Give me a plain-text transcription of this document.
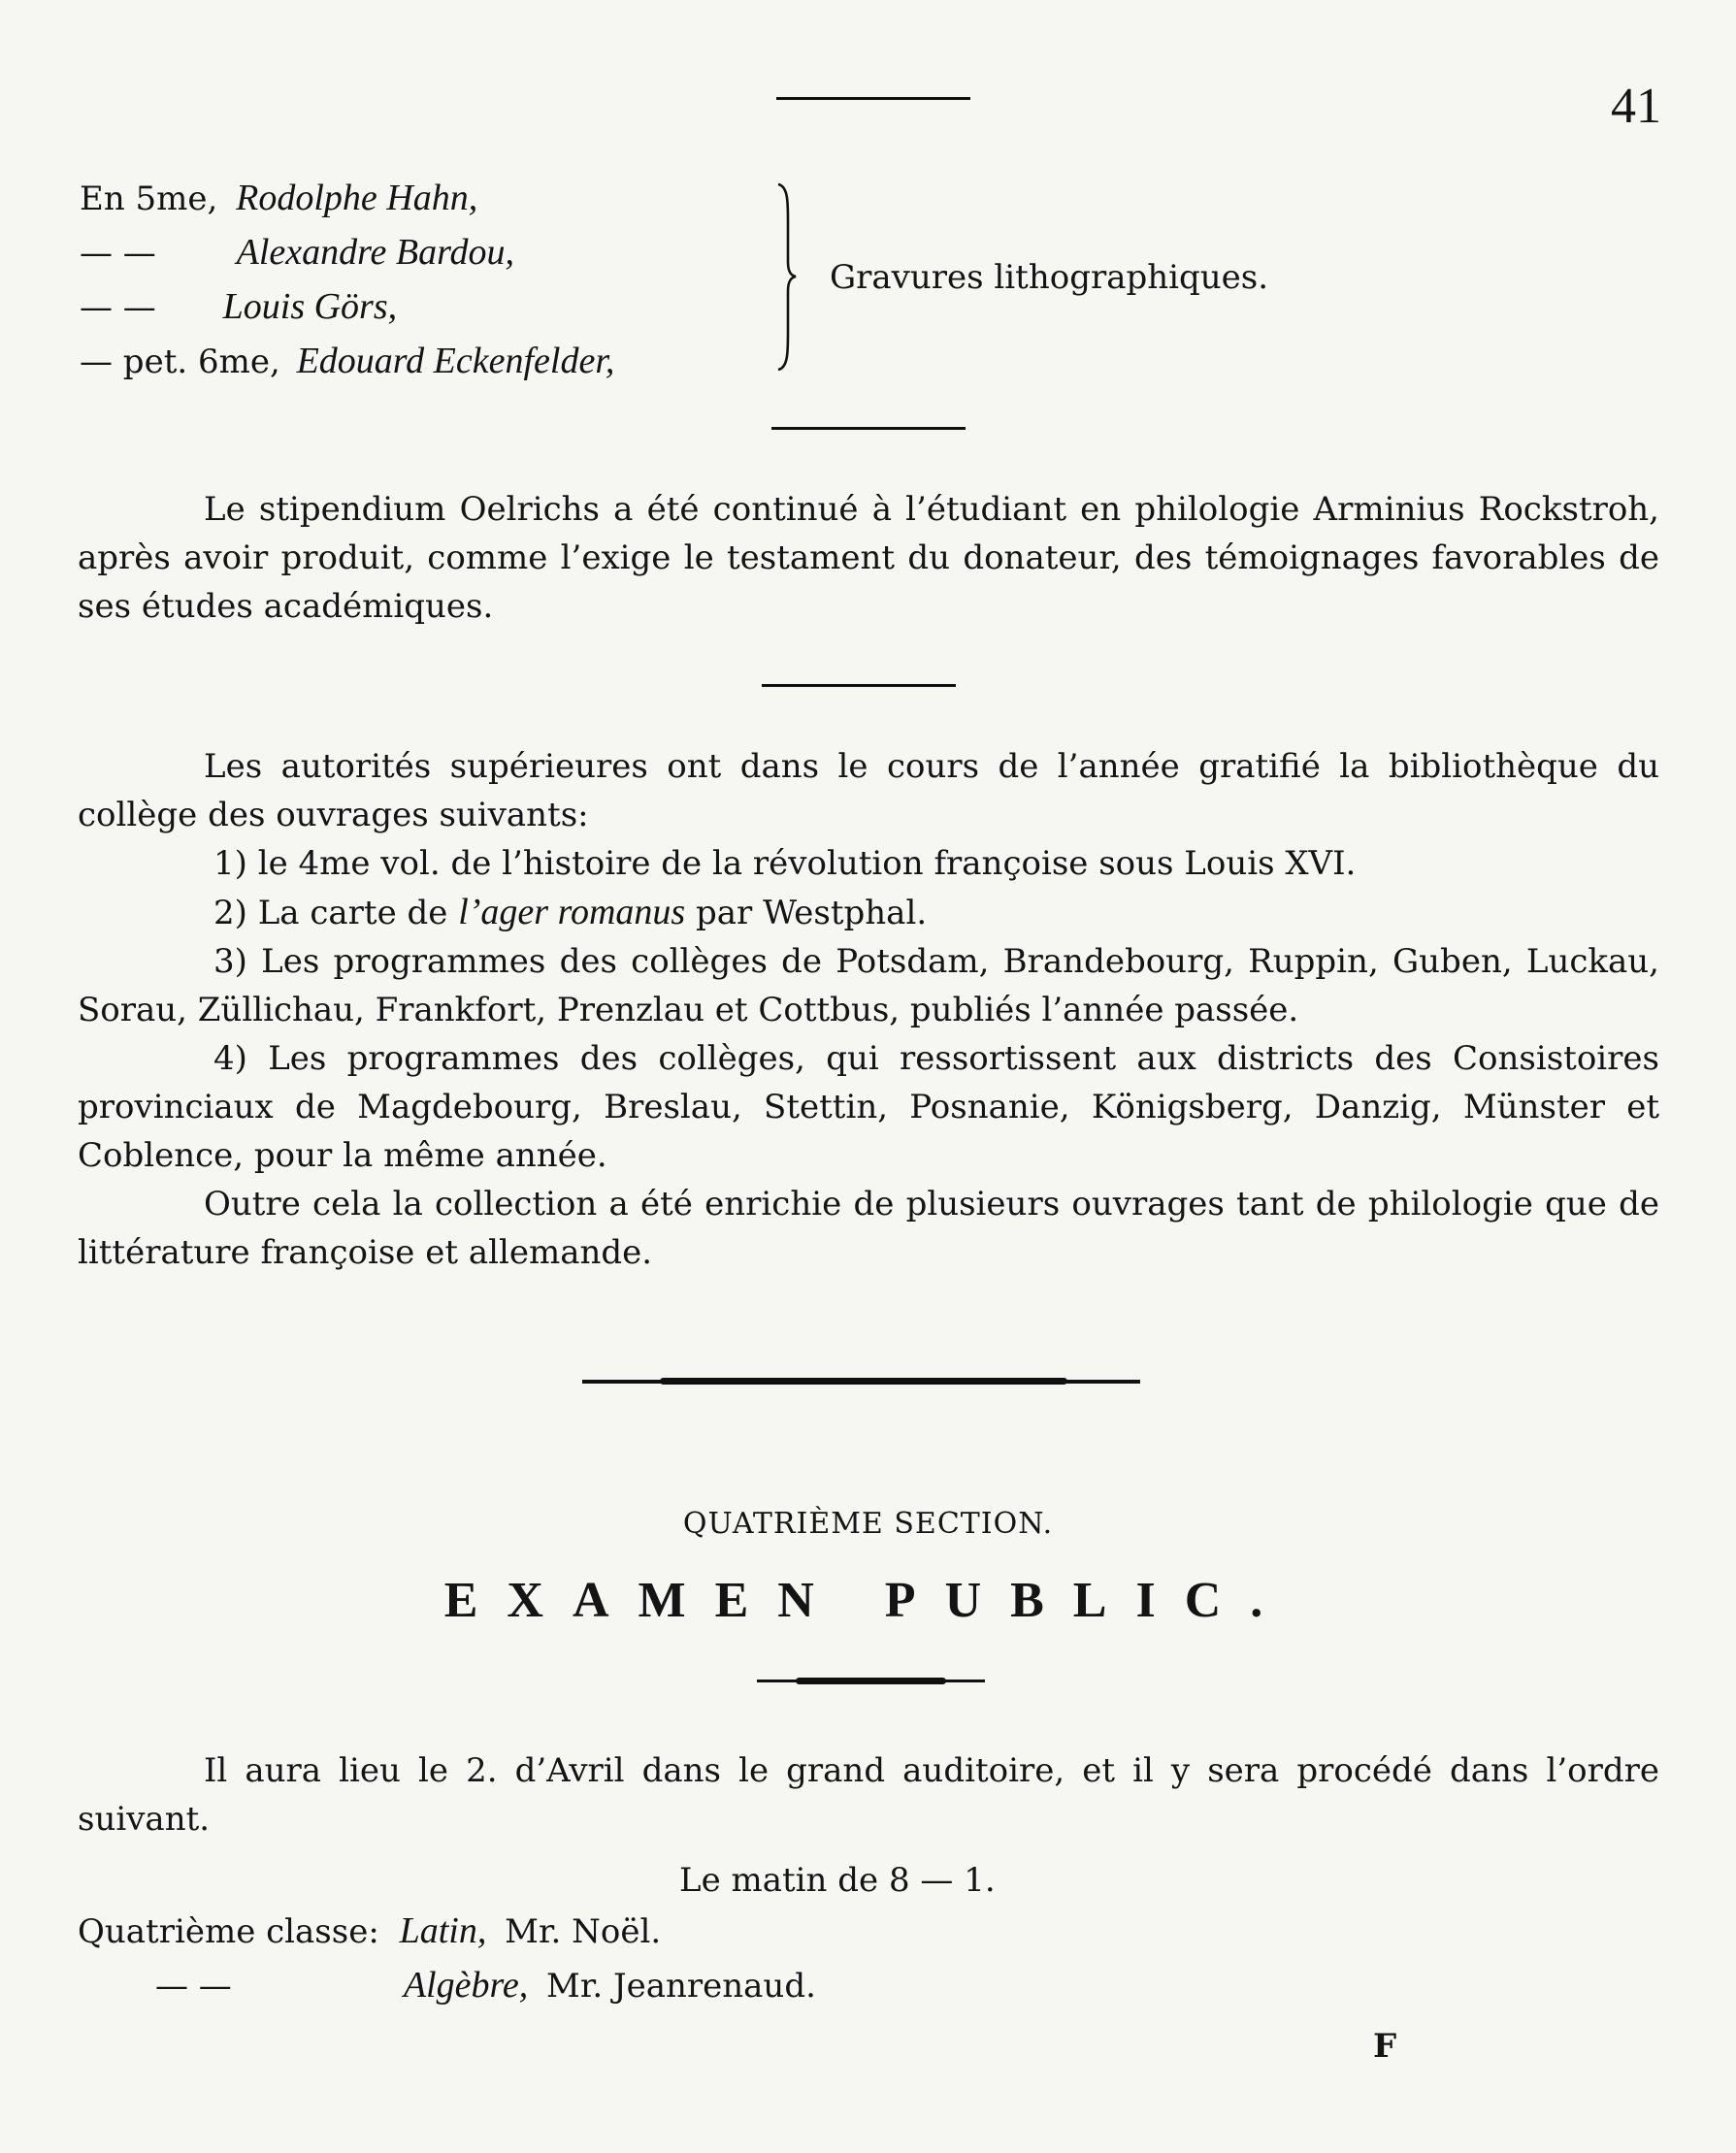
41
En 5me, Rodolphe Hahn,
— — Alexandre Bardou,
— — Louis Görs,
— pet. 6me, Edouard Eckenfelder,
Gravures lithographiques.

Le stipendium Oelrichs a été continué à l’étudiant en philologie Arminius Rockstroh, après avoir produit, comme l’exige le testament du donateur, des témoignages favorables de ses études académiques.

Les autorités supérieures ont dans le cours de l’année gratifié la bibliothèque du collège des ouvrages suivants:

1) le 4me vol. de l’histoire de la révolution françoise sous Louis XVI.

2) La carte de l’ager romanus par Westphal.

3) Les programmes des collèges de Potsdam, Brandebourg, Ruppin, Guben, Luckau, Sorau, Züllichau, Frankfort, Prenzlau et Cottbus, publiés l’année passée.

4) Les programmes des collèges, qui ressortissent aux districts des Consistoires provinciaux de Magdebourg, Breslau, Stettin, Posnanie, Königsberg, Danzig, Münster et Coblence, pour la même année.

Outre cela la collection a été enrichie de plusieurs ouvrages tant de philologie que de littérature françoise et allemande.

QUATRIÈME SECTION.
EXAMEN PUBLIC.

Il aura lieu le 2. d’Avril dans le grand auditoire, et il y sera procédé dans l’ordre suivant.

Le matin de 8 — 1.
Quatrième classe: Latin, Mr. Noël.
— —	Algèbre, Mr. Jeanrenaud.
F
